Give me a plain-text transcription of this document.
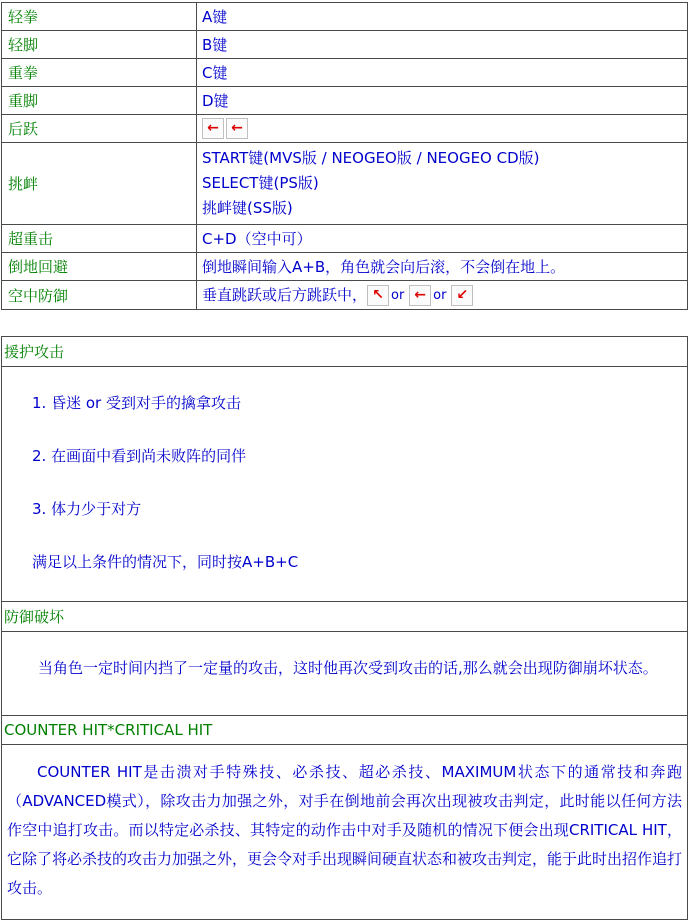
轻拳	A键
轻脚	B键
重拳	C键
重脚	D键
后跃	← ←
挑衅	START键(MVS版 / NEOGEO版 / NEOGEO CD版)
SELECT键(PS版)
挑衅键(SS版)

超重击	C+D（空中可）
倒地回避	倒地瞬间输入A+B，角色就会向后滚，不会倒在地上。
空中防御	垂直跳跃或后方跳跃中， ↖ or ← or ↙
援护攻击

1. 昏迷 or 受到对手的擒拿攻击
2. 在画面中看到尚未败阵的同伴
3. 体力少于对方
满足以上条件的情况下，同时按A+B+C

防御破坏

当角色一定时间内挡了一定量的攻击，这时他再次受到攻击的话,那么就会出现防御崩坏状态。

COUNTER HIT*CRITICAL HIT

COUNTER HIT是击溃对手特殊技、必杀技、超必杀技、MAXIMUM状态下的通常技和奔跑（ADVANCED模式），除攻击力加强之外，对手在倒地前会再次出现被攻击判定，此时能以任何方法作空中追打攻击。而以特定必杀技、其特定的动作击中对手及随机的情况下便会出现CRITICAL HIT，它除了将必杀技的攻击力加强之外，更会令对手出现瞬间硬直状态和被攻击判定，能于此时出招作追打攻击。
